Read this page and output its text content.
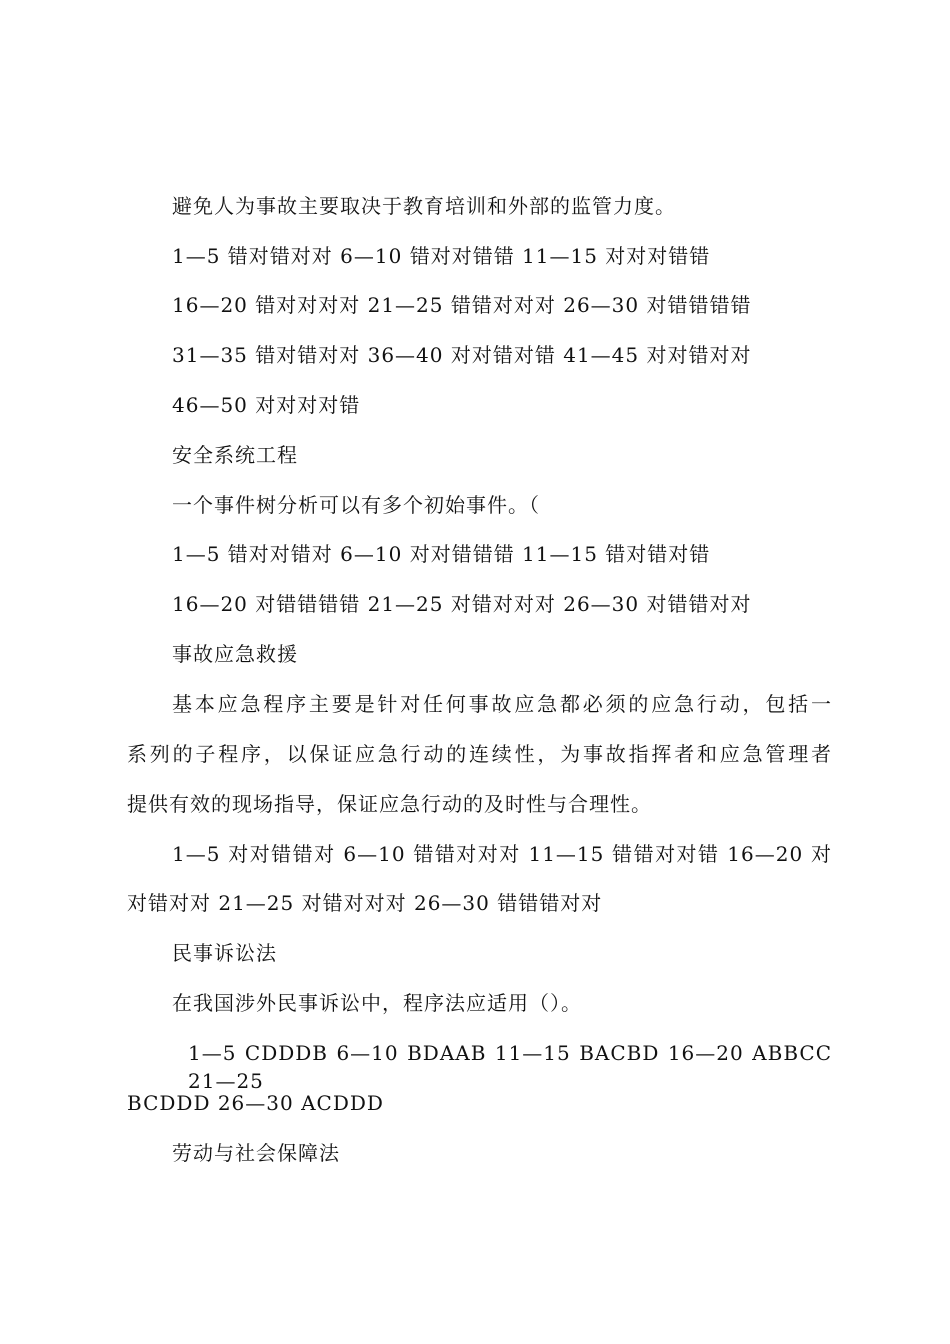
避免人为事故主要取决于教育培训和外部的监管力度。
1—5 错对错对对 6—10 错对对错错 11—15 对对对错错
16—20 错对对对对 21—25 错错对对对 26—30 对错错错错
31—35 错对错对对 36—40 对对错对错 41—45 对对错对对
46—50 对对对对错
安全系统工程
一个事件树分析可以有多个初始事件。（
1—5 错对对错对 6—10 对对错错错 11—15 错对错对错
16—20 对错错错错 21—25 对错对对对 26—30 对错错对对
事故应急救援
基本应急程序主要是针对任何事故应急都必须的应急行动，包括一
系列的子程序，以保证应急行动的连续性，为事故指挥者和应急管理者
提供有效的现场指导，保证应急行动的及时性与合理性。
1—5 对对错错对 6—10 错错对对对 11—15 错错对对错 16—20 对
对错对对 21—25 对错对对对 26—30 错错错对对
民事诉讼法
在我国涉外民事诉讼中，程序法应适用（）。
1—5 CDDDB 6—10 BDAAB 11—15 BACBD 16—20 ABBCC 21—25
BCDDD 26—30 ACDDD
劳动与社会保障法
